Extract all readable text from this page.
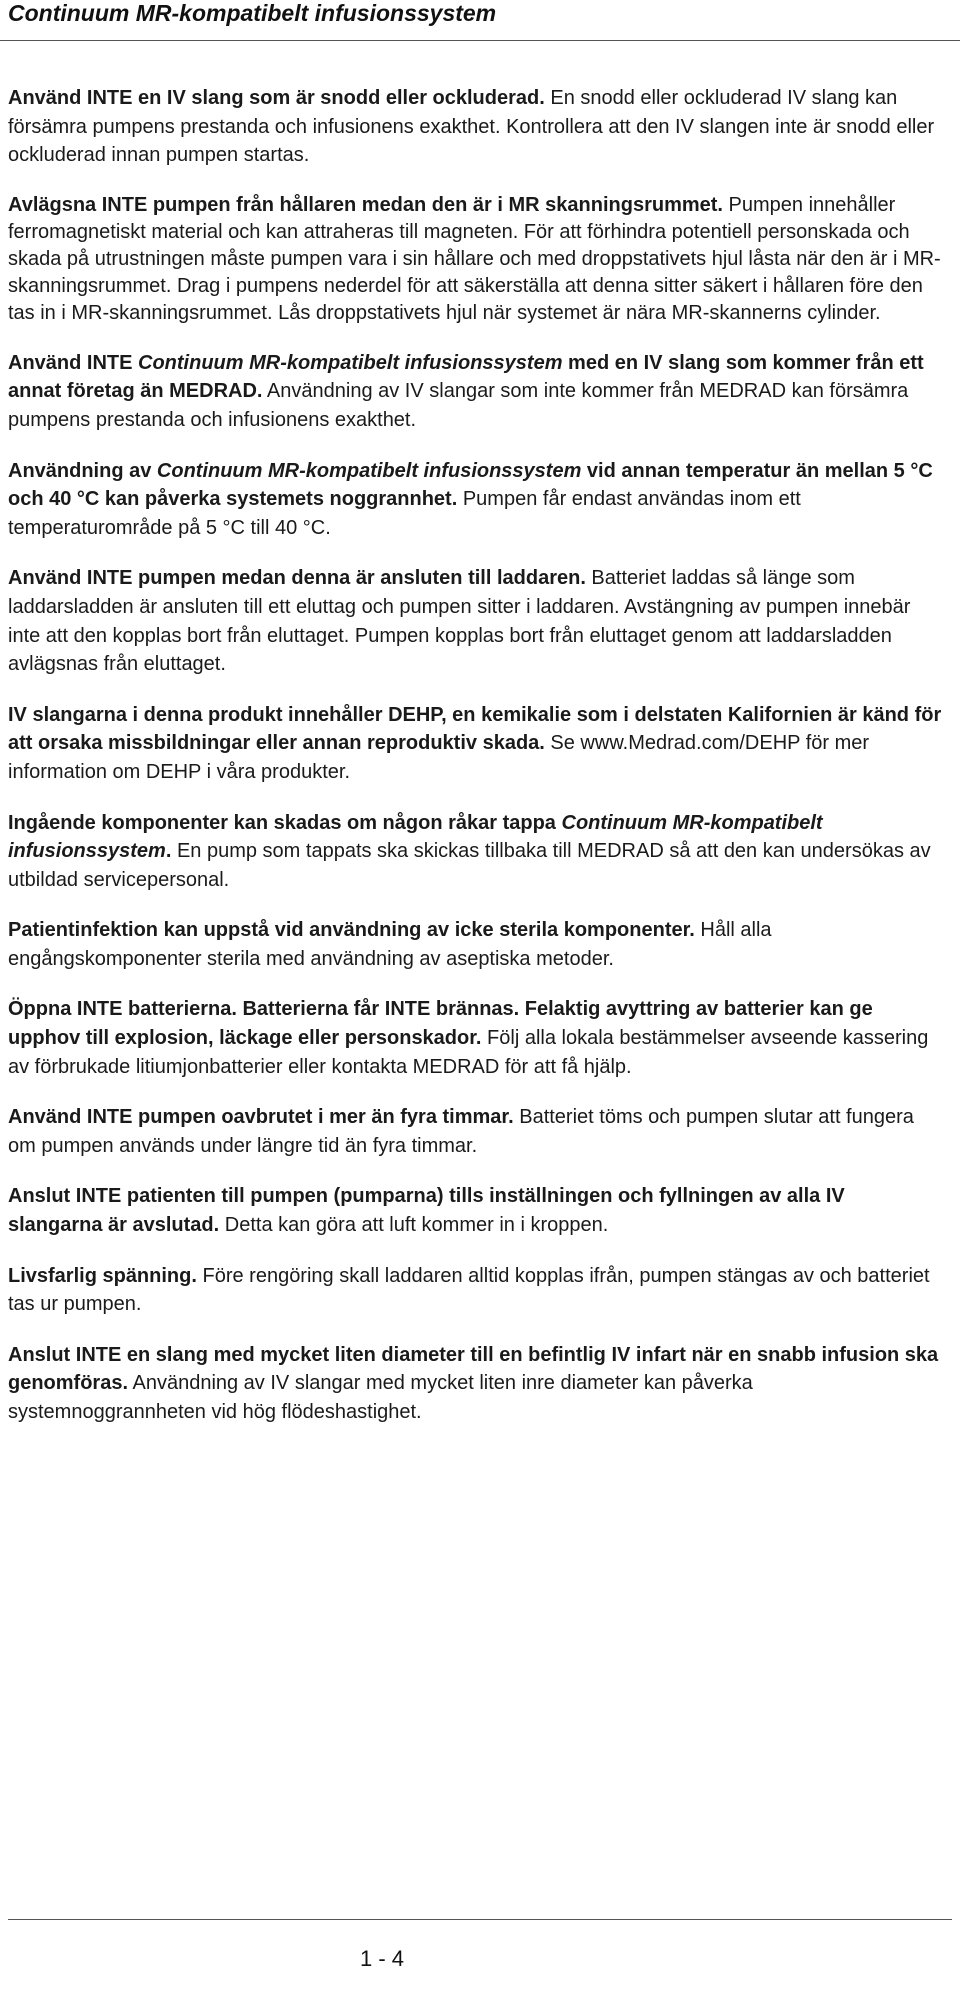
Continuum MR-kompatibelt infusionssystem

Använd INTE en IV slang som är snodd eller ockluderad. En snodd eller ockluderad IV slang kan försämra pumpens prestanda och infusionens exakthet. Kontrollera att den IV slangen inte är snodd eller ockluderad innan pumpen startas.

Avlägsna INTE pumpen från hållaren medan den är i MR skanningsrummet. Pumpen innehåller ferromagnetiskt material och kan attraheras till magneten. För att förhindra potentiell personskada och skada på utrustningen måste pumpen vara i sin hållare och med droppstativets hjul låsta när den är i MR-skanningsrummet. Drag i pumpens nederdel för att säkerställa att denna sitter säkert i hållaren före den tas in i MR-skanningsrummet. Lås droppstativets hjul när systemet är nära MR-skannerns cylinder.

Använd INTE Continuum MR-kompatibelt infusionssystem med en IV slang som kommer från ett annat företag än MEDRAD. Användning av IV slangar som inte kommer från MEDRAD kan försämra pumpens prestanda och infusionens exakthet.

Användning av Continuum MR-kompatibelt infusionssystem vid annan temperatur än mellan 5 °C och 40 °C kan påverka systemets noggrannhet. Pumpen får endast användas inom ett temperaturområde på 5 °C till 40 °C.

Använd INTE pumpen medan denna är ansluten till laddaren. Batteriet laddas så länge som laddarsladden är ansluten till ett eluttag och pumpen sitter i laddaren. Avstängning av pumpen innebär inte att den kopplas bort från eluttaget. Pumpen kopplas bort från eluttaget genom att laddarsladden avlägsnas från eluttaget.

IV slangarna i denna produkt innehåller DEHP, en kemikalie som i delstaten Kalifornien är känd för att orsaka missbildningar eller annan reproduktiv skada. Se www.Medrad.com/DEHP för mer information om DEHP i våra produkter.

Ingående komponenter kan skadas om någon råkar tappa Continuum MR-kompatibelt infusionssystem. En pump som tappats ska skickas tillbaka till MEDRAD så att den kan undersökas av utbildad servicepersonal.

Patientinfektion kan uppstå vid användning av icke sterila komponenter. Håll alla engångskomponenter sterila med användning av aseptiska metoder.

Öppna INTE batterierna. Batterierna får INTE brännas. Felaktig avyttring av batterier kan ge upphov till explosion, läckage eller personskador. Följ alla lokala bestämmelser avseende kassering av förbrukade litiumjonbatterier eller kontakta MEDRAD för att få hjälp.

Använd INTE pumpen oavbrutet i mer än fyra timmar. Batteriet töms och pumpen slutar att fungera om pumpen används under längre tid än fyra timmar.

Anslut INTE patienten till pumpen (pumparna) tills inställningen och fyllningen av alla IV slangarna är avslutad. Detta kan göra att luft kommer in i kroppen.

Livsfarlig spänning. Före rengöring skall laddaren alltid kopplas ifrån, pumpen stängas av och batteriet tas ur pumpen.

Anslut INTE en slang med mycket liten diameter till en befintlig IV infart när en snabb infusion ska genomföras. Användning av IV slangar med mycket liten inre diameter kan påverka systemnoggrannheten vid hög flödeshastighet.

1 - 4
